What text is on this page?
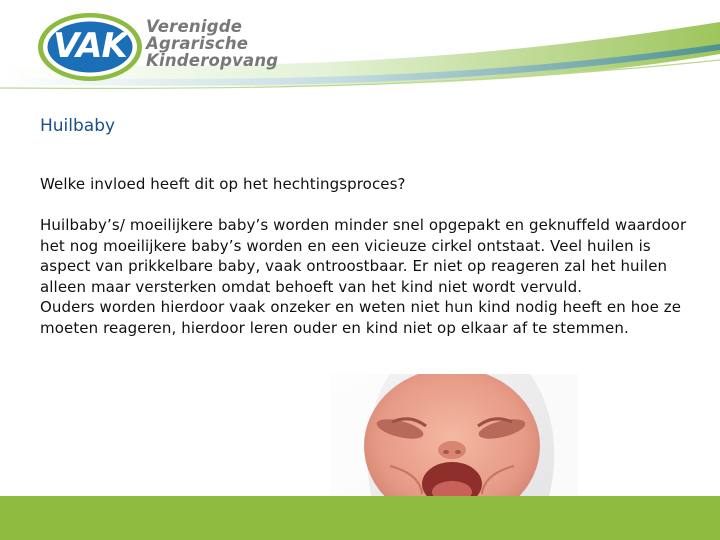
VAK	Verenigde
Agrarische
Kinderopvang
Huilbaby

Welke invloed heeft dit op het hechtingsproces?

Huilbaby’s/ moeilijkere baby’s worden minder snel opgepakt en geknuffeld waardoor het nog moeilijkere baby’s worden en een vicieuze cirkel ontstaat. Veel huilen is aspect van prikkelbare baby, vaak ontroostbaar. Er niet op reageren zal het huilen alleen maar versterken omdat behoeft van het kind niet wordt vervuld.

Ouders worden hierdoor vaak onzeker en weten niet hun kind nodig heeft en hoe ze moeten reageren, hierdoor leren ouder en kind niet op elkaar af te stemmen.
